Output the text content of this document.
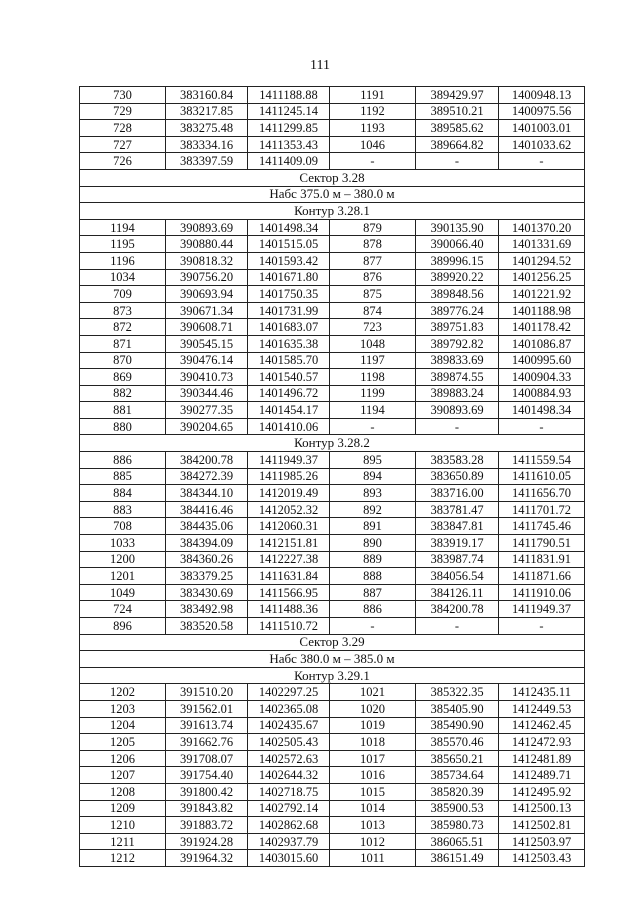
111
730	383160.84	1411188.88	1191	389429.97	1400948.13
729	383217.85	1411245.14	1192	389510.21	1400975.56
728	383275.48	1411299.85	1193	389585.62	1401003.01
727	383334.16	1411353.43	1046	389664.82	1401033.62
726	383397.59	1411409.09	-	-	-
Сектор 3.28					
Набс 375.0 м – 380.0 м					
Контур 3.28.1					
1194	390893.69	1401498.34	879	390135.90	1401370.20
1195	390880.44	1401515.05	878	390066.40	1401331.69
1196	390818.32	1401593.42	877	389996.15	1401294.52
1034	390756.20	1401671.80	876	389920.22	1401256.25
709	390693.94	1401750.35	875	389848.56	1401221.92
873	390671.34	1401731.99	874	389776.24	1401188.98
872	390608.71	1401683.07	723	389751.83	1401178.42
871	390545.15	1401635.38	1048	389792.82	1401086.87
870	390476.14	1401585.70	1197	389833.69	1400995.60
869	390410.73	1401540.57	1198	389874.55	1400904.33
882	390344.46	1401496.72	1199	389883.24	1400884.93
881	390277.35	1401454.17	1194	390893.69	1401498.34
880	390204.65	1401410.06	-	-	-
Контур 3.28.2					
886	384200.78	1411949.37	895	383583.28	1411559.54
885	384272.39	1411985.26	894	383650.89	1411610.05
884	384344.10	1412019.49	893	383716.00	1411656.70
883	384416.46	1412052.32	892	383781.47	1411701.72
708	384435.06	1412060.31	891	383847.81	1411745.46
1033	384394.09	1412151.81	890	383919.17	1411790.51
1200	384360.26	1412227.38	889	383987.74	1411831.91
1201	383379.25	1411631.84	888	384056.54	1411871.66
1049	383430.69	1411566.95	887	384126.11	1411910.06
724	383492.98	1411488.36	886	384200.78	1411949.37
896	383520.58	1411510.72	-	-	-
Сектор 3.29					
Набс 380.0 м – 385.0 м					
Контур 3.29.1					
1202	391510.20	1402297.25	1021	385322.35	1412435.11
1203	391562.01	1402365.08	1020	385405.90	1412449.53
1204	391613.74	1402435.67	1019	385490.90	1412462.45
1205	391662.76	1402505.43	1018	385570.46	1412472.93
1206	391708.07	1402572.63	1017	385650.21	1412481.89
1207	391754.40	1402644.32	1016	385734.64	1412489.71
1208	391800.42	1402718.75	1015	385820.39	1412495.92
1209	391843.82	1402792.14	1014	385900.53	1412500.13
1210	391883.72	1402862.68	1013	385980.73	1412502.81
1211	391924.28	1402937.79	1012	386065.51	1412503.97
1212	391964.32	1403015.60	1011	386151.49	1412503.43
